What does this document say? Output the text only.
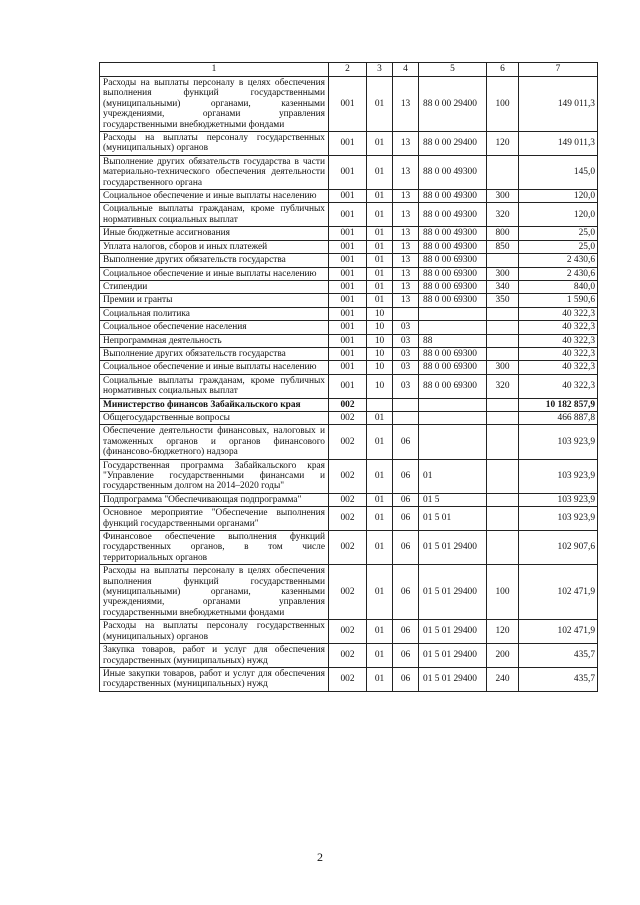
1	2	3	4	5	6	7
Расходы на выплаты персоналу в целях обеспечения выполнения функций государственными (муниципальными) органами, казенными учреждениями, органами управления государственными внебюджетными фондами	001	01	13	88 0 00 29400	100	149 011,3
Расходы на выплаты персоналу государственных (муниципальных) органов	001	01	13	88 0 00 29400	120	149 011,3
Выполнение других обязательств государства в части материально-технического обеспечения деятельности государственного органа	001	01	13	88 0 00 49300		145,0
Социальное обеспечение и иные выплаты населению	001	01	13	88 0 00 49300	300	120,0
Социальные выплаты гражданам, кроме публичных нормативных социальных выплат	001	01	13	88 0 00 49300	320	120,0
Иные бюджетные ассигнования	001	01	13	88 0 00 49300	800	25,0
Уплата налогов, сборов и иных платежей	001	01	13	88 0 00 49300	850	25,0
Выполнение других обязательств государства	001	01	13	88 0 00 69300		2 430,6
Социальное обеспечение и иные выплаты населению	001	01	13	88 0 00 69300	300	2 430,6
Стипендии	001	01	13	88 0 00 69300	340	840,0
Премии и гранты	001	01	13	88 0 00 69300	350	1 590,6
Социальная политика	001	10				40 322,3
Социальное обеспечение населения	001	10	03			40 322,3
Непрограммная деятельность	001	10	03	88		40 322,3
Выполнение других обязательств государства	001	10	03	88 0 00 69300		40 322,3
Социальное обеспечение и иные выплаты населению	001	10	03	88 0 00 69300	300	40 322,3
Социальные выплаты гражданам, кроме публичных нормативных социальных выплат	001	10	03	88 0 00 69300	320	40 322,3
Министерство финансов Забайкальского края	002					10 182 857,9
Общегосударственные вопросы	002	01				466 887,8
Обеспечение деятельности финансовых, налоговых и таможенных органов и органов финансового (финансово-бюджетного) надзора	002	01	06			103 923,9
Государственная программа Забайкальского края "Управление государственными финансами и государственным долгом на 2014–2020 годы"	002	01	06	01		103 923,9
Подпрограмма "Обеспечивающая подпрограмма"	002	01	06	01 5		103 923,9
Основное мероприятие "Обеспечение выполнения функций государственными органами"	002	01	06	01 5 01		103 923,9
Финансовое обеспечение выполнения функций государственных органов, в том числе территориальных органов	002	01	06	01 5 01 29400		102 907,6
Расходы на выплаты персоналу в целях обеспечения выполнения функций государственными (муниципальными) органами, казенными учреждениями, органами управления государственными внебюджетными фондами	002	01	06	01 5 01 29400	100	102 471,9
Расходы на выплаты персоналу государственных (муниципальных) органов	002	01	06	01 5 01 29400	120	102 471,9
Закупка товаров, работ и услуг для обеспечения государственных (муниципальных) нужд	002	01	06	01 5 01 29400	200	435,7
Иные закупки товаров, работ и услуг для обеспечения государственных (муниципальных) нужд	002	01	06	01 5 01 29400	240	435,7
2
